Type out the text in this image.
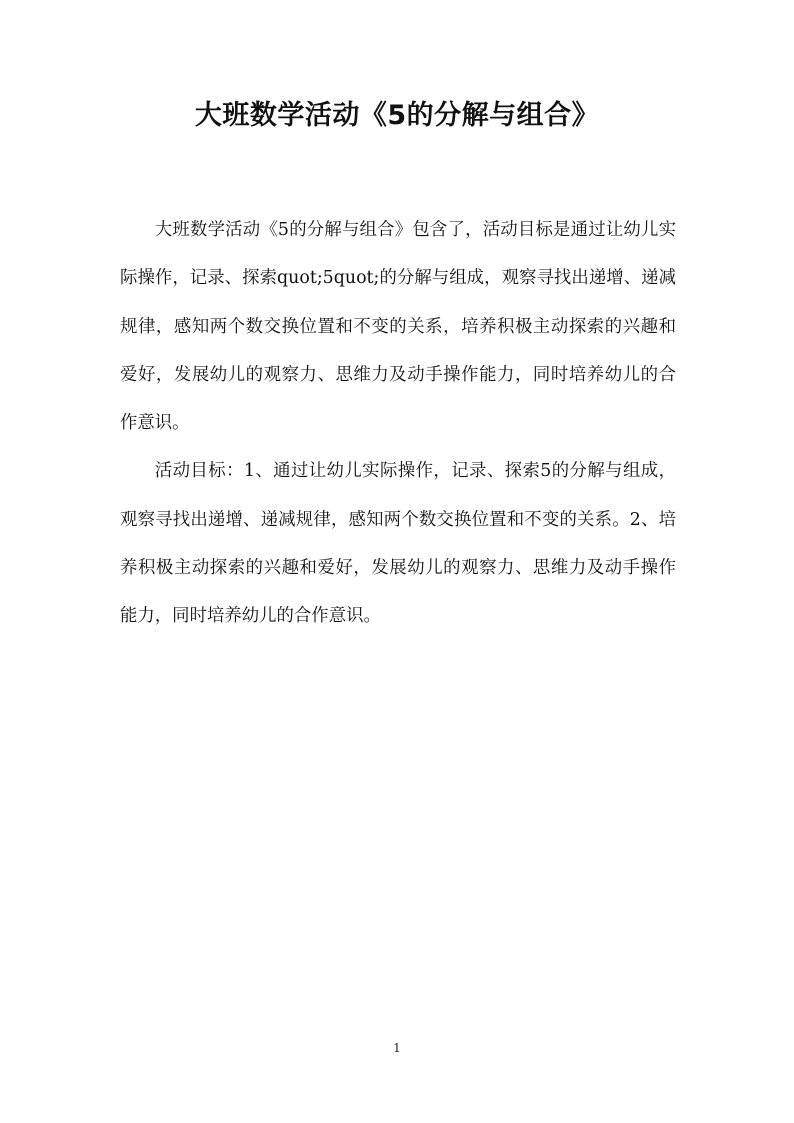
大班数学活动《5的分解与组合》

大班数学活动《5的分解与组合》包含了，活动目标是通过让幼儿实际操作，记录、探索quot;5quot;的分解与组成，观察寻找出递增、递减规律，感知两个数交换位置和不变的关系，培养积极主动探索的兴趣和爱好，发展幼儿的观察力、思维力及动手操作能力，同时培养幼儿的合作意识。

活动目标：1、通过让幼儿实际操作，记录、探索5的分解与组成，观察寻找出递增、递减规律，感知两个数交换位置和不变的关系。2、培养积极主动探索的兴趣和爱好，发展幼儿的观察力、思维力及动手操作能力，同时培养幼儿的合作意识。

1
